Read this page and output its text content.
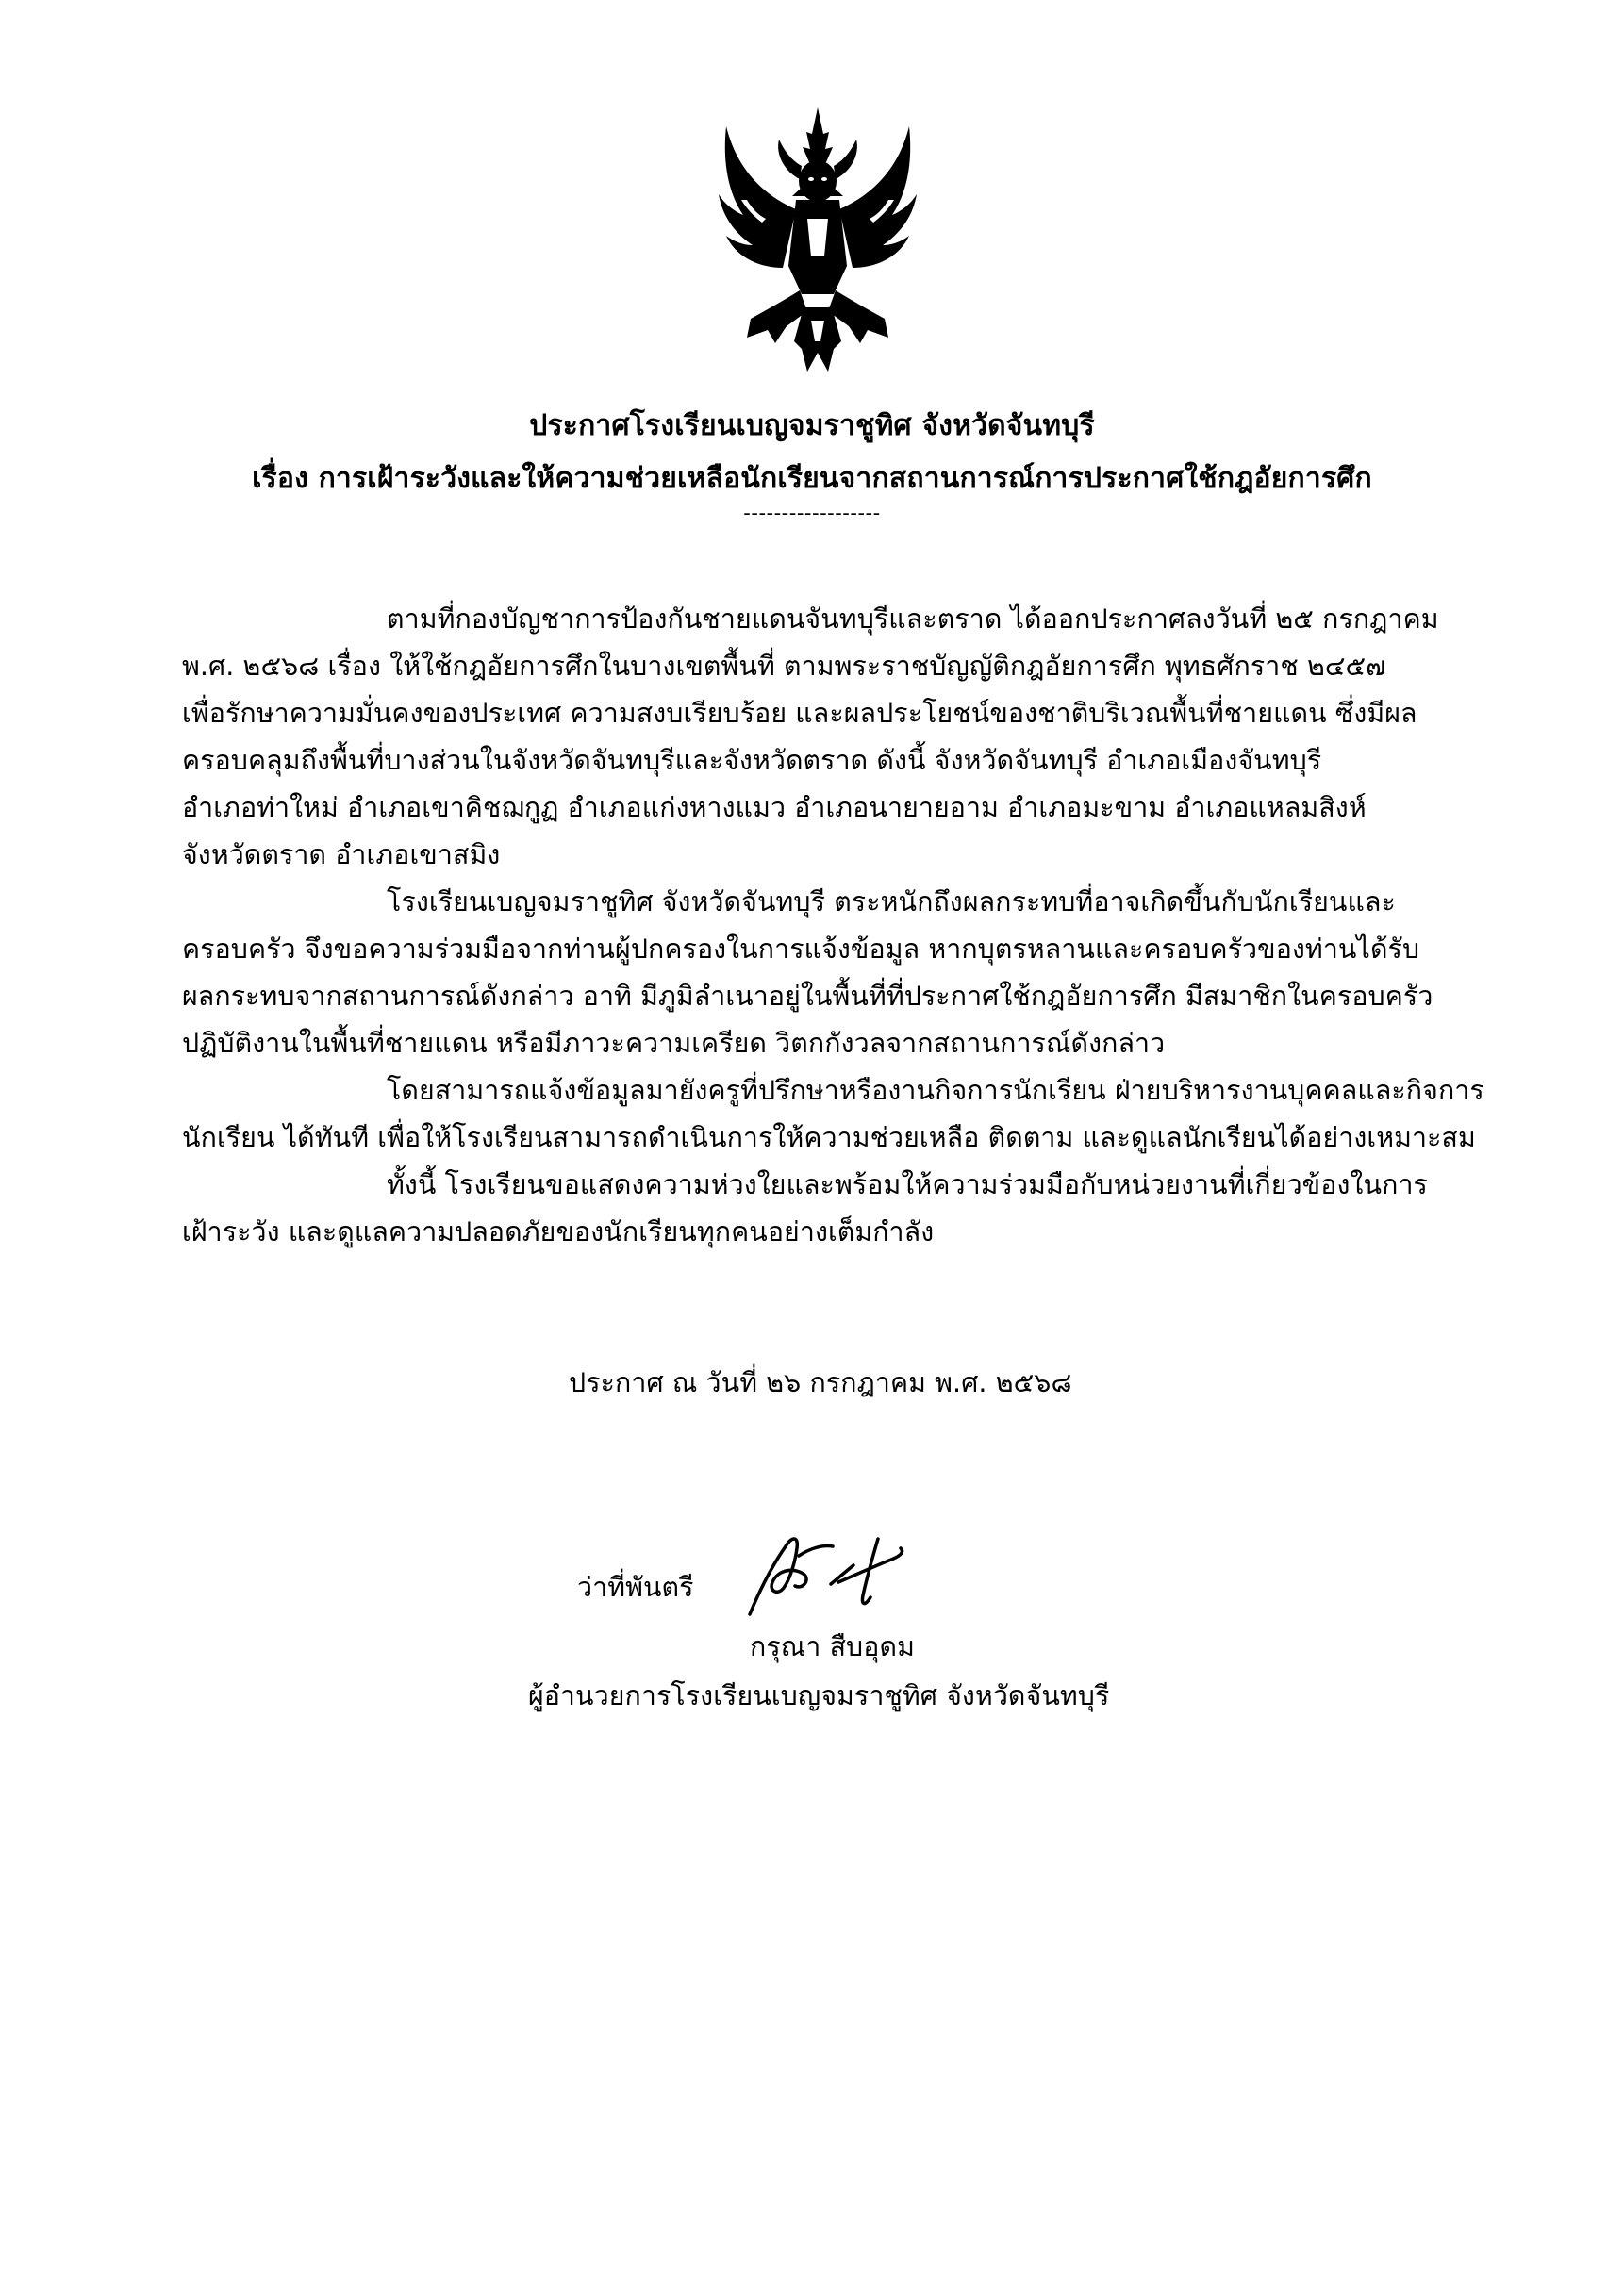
ประกาศโรงเรียนเบญจมราชูทิศ จังหวัดจันทบุรี
เรื่อง การเฝ้าระวังและให้ความช่วยเหลือนักเรียนจากสถานการณ์การประกาศใช้กฎอัยการศึก
------------------
ตามที่กองบัญชาการป้องกันชายแดนจันทบุรีและตราด ได้ออกประกาศลงวันที่ ๒๕ กรกฎาคม
พ.ศ. ๒๕๖๘ เรื่อง ให้ใช้กฎอัยการศึกในบางเขตพื้นที่ ตามพระราชบัญญัติกฎอัยการศึก พุทธศักราช ๒๔๕๗
เพื่อรักษาความมั่นคงของประเทศ ความสงบเรียบร้อย และผลประโยชน์ของชาติบริเวณพื้นที่ชายแดน ซึ่งมีผล
ครอบคลุมถึงพื้นที่บางส่วนในจังหวัดจันทบุรีและจังหวัดตราด ดังนี้ จังหวัดจันทบุรี อำเภอเมืองจันทบุรี
อำเภอท่าใหม่ อำเภอเขาคิชฌกูฏ อำเภอแก่งหางแมว อำเภอนายายอาม อำเภอมะขาม อำเภอแหลมสิงห์
จังหวัดตราด อำเภอเขาสมิง
โรงเรียนเบญจมราชูทิศ จังหวัดจันทบุรี ตระหนักถึงผลกระทบที่อาจเกิดขึ้นกับนักเรียนและ
ครอบครัว จึงขอความร่วมมือจากท่านผู้ปกครองในการแจ้งข้อมูล หากบุตรหลานและครอบครัวของท่านได้รับ
ผลกระทบจากสถานการณ์ดังกล่าว อาทิ มีภูมิลำเนาอยู่ในพื้นที่ที่ประกาศใช้กฎอัยการศึก มีสมาชิกในครอบครัว
ปฏิบัติงานในพื้นที่ชายแดน หรือมีภาวะความเครียด วิตกกังวลจากสถานการณ์ดังกล่าว
โดยสามารถแจ้งข้อมูลมายังครูที่ปรึกษาหรืองานกิจการนักเรียน ฝ่ายบริหารงานบุคคลและกิจการ
นักเรียน ได้ทันที เพื่อให้โรงเรียนสามารถดำเนินการให้ความช่วยเหลือ ติดตาม และดูแลนักเรียนได้อย่างเหมาะสม
ทั้งนี้ โรงเรียนขอแสดงความห่วงใยและพร้อมให้ความร่วมมือกับหน่วยงานที่เกี่ยวข้องในการ
เฝ้าระวัง และดูแลความปลอดภัยของนักเรียนทุกคนอย่างเต็มกำลัง
ประกาศ ณ วันที่ ๒๖ กรกฎาคม พ.ศ. ๒๕๖๘
ว่าที่พันตรี
กรุณา สืบอุดม
ผู้อำนวยการโรงเรียนเบญจมราชูทิศ จังหวัดจันทบุรี
